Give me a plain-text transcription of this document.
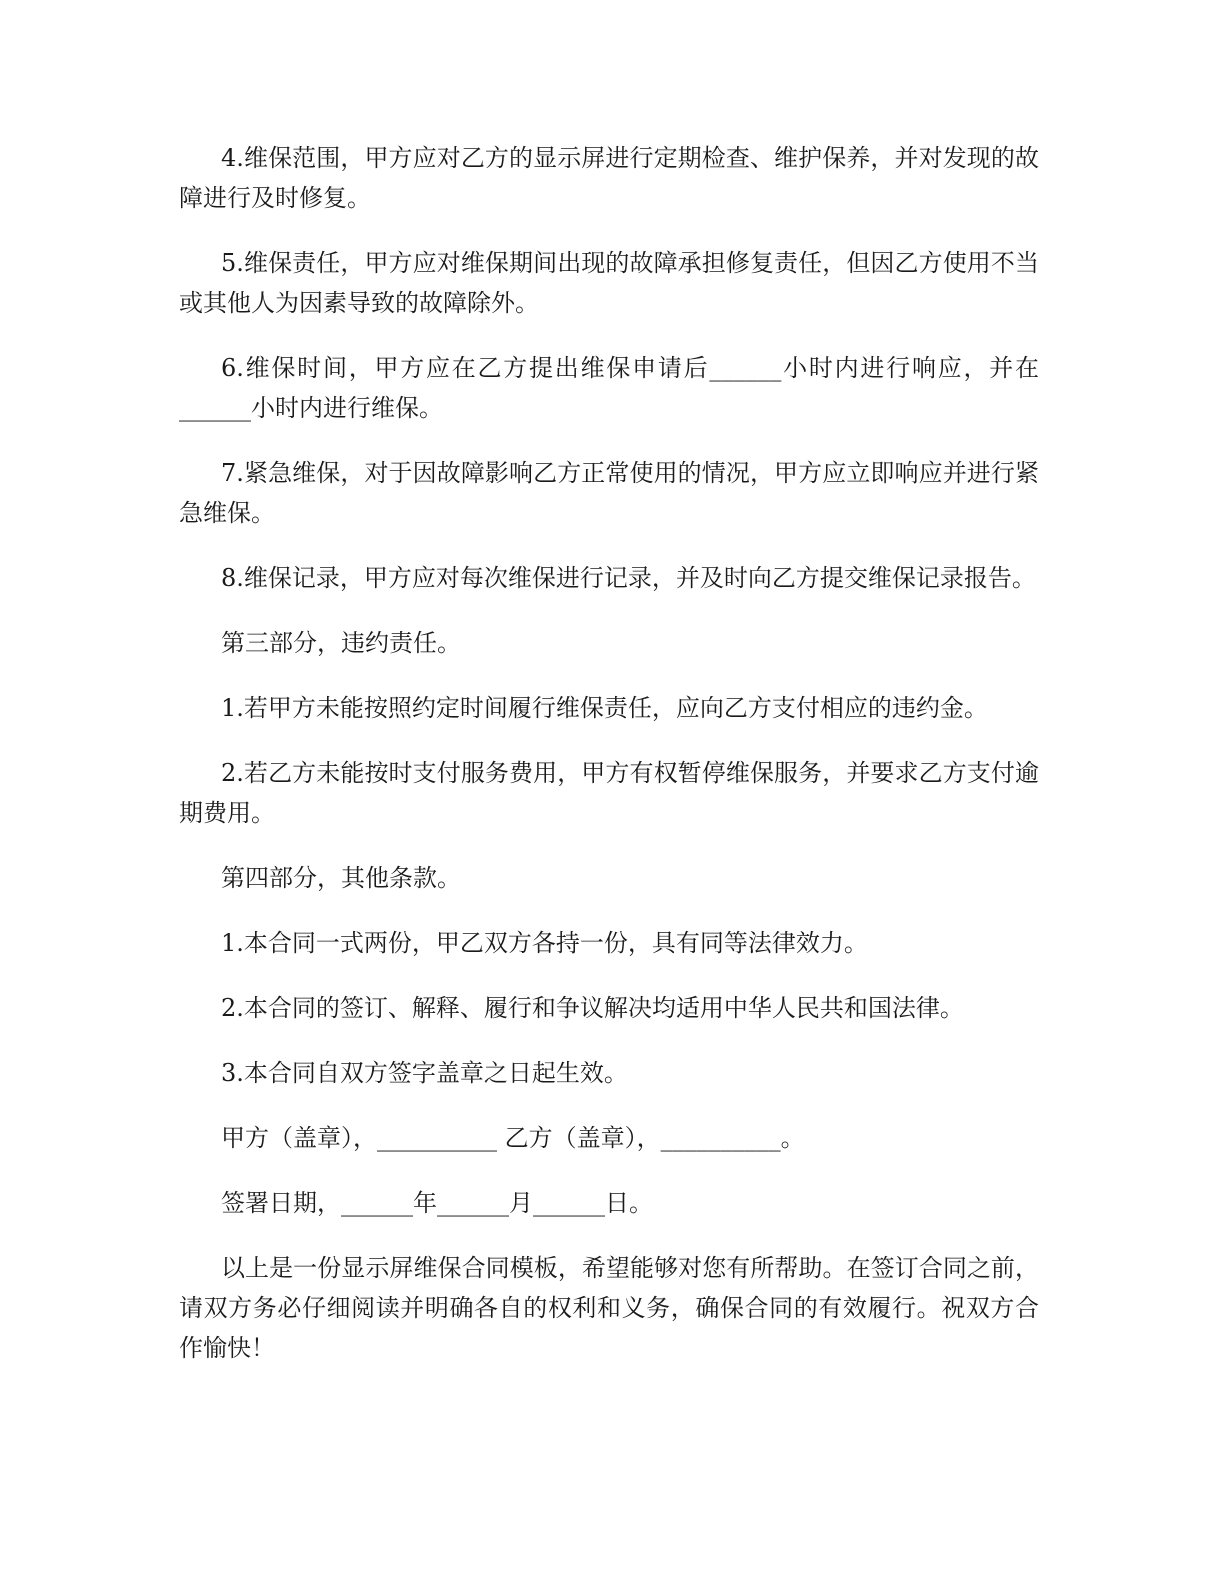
4.维保范围，甲方应对乙方的显示屏进行定期检查、维护保养，并对发现的故障进行及时修复。

5.维保责任，甲方应对维保期间出现的故障承担修复责任，但因乙方使用不当或其他人为因素导致的故障除外。

6.维保时间，甲方应在乙方提出维保申请后______小时内进行响应，并在______小时内进行维保。

7.紧急维保，对于因故障影响乙方正常使用的情况，甲方应立即响应并进行紧急维保。

8.维保记录，甲方应对每次维保进行记录，并及时向乙方提交维保记录报告。

第三部分，违约责任。

1.若甲方未能按照约定时间履行维保责任，应向乙方支付相应的违约金。

2.若乙方未能按时支付服务费用，甲方有权暂停维保服务，并要求乙方支付逾期费用。

第四部分，其他条款。

1.本合同一式两份，甲乙双方各持一份，具有同等法律效力。

2.本合同的签订、解释、履行和争议解决均适用中华人民共和国法律。

3.本合同自双方签字盖章之日起生效。

甲方（盖章），__________ 乙方（盖章），__________。

签署日期，______年______月______日。

以上是一份显示屏维保合同模板，希望能够对您有所帮助。在签订合同之前，请双方务必仔细阅读并明确各自的权利和义务，确保合同的有效履行。祝双方合作愉快！
